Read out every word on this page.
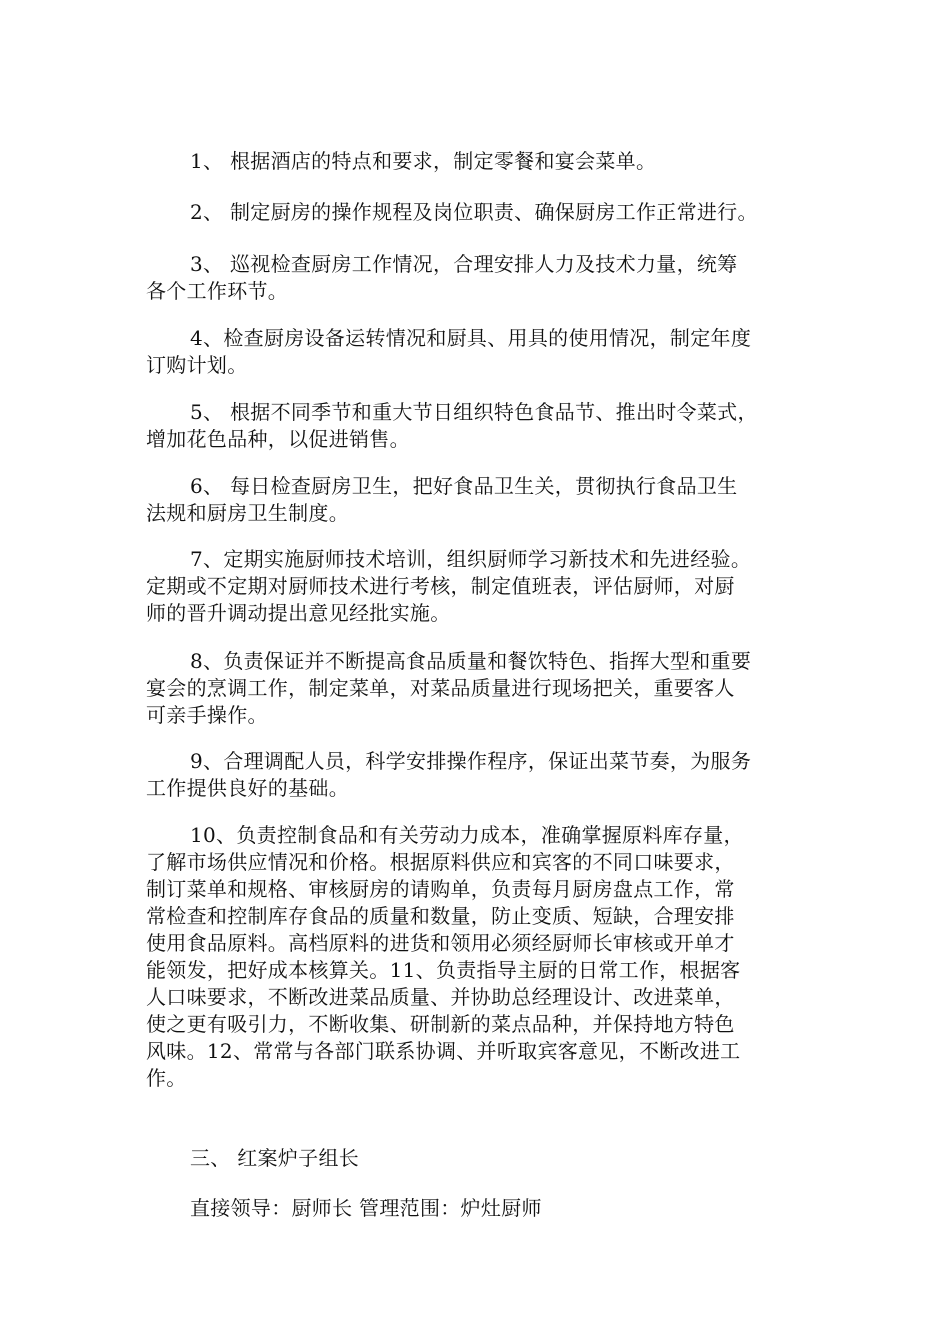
1、 根据酒店的特点和要求，制定零餐和宴会菜单。

2、 制定厨房的操作规程及岗位职责、确保厨房工作正常进行。

3、 巡视检查厨房工作情况，合理安排人力及技术力量，统筹
各个工作环节。

4、检查厨房设备运转情况和厨具、用具的使用情况，制定年度
订购计划。

5、 根据不同季节和重大节日组织特色食品节、推出时令菜式，
增加花色品种，以促进销售。

6、 每日检查厨房卫生，把好食品卫生关，贯彻执行食品卫生
法规和厨房卫生制度。

7、定期实施厨师技术培训，组织厨师学习新技术和先进经验。
定期或不定期对厨师技术进行考核，制定值班表，评估厨师，对厨
师的晋升调动提出意见经批实施。

8、负责保证并不断提高食品质量和餐饮特色、指挥大型和重要
宴会的烹调工作，制定菜单，对菜品质量进行现场把关，重要客人
可亲手操作。

9、合理调配人员，科学安排操作程序，保证出菜节奏，为服务
工作提供良好的基础。

10、负责控制食品和有关劳动力成本，准确掌握原料库存量，
了解市场供应情况和价格。根据原料供应和宾客的不同口味要求，
制订菜单和规格、审核厨房的请购单，负责每月厨房盘点工作，常
常检查和控制库存食品的质量和数量，防止变质、短缺，合理安排
使用食品原料。高档原料的进货和领用必须经厨师长审核或开单才
能领发，把好成本核算关。11、负责指导主厨的日常工作，根据客
人口味要求，不断改进菜品质量、并协助总经理设计、改进菜单，
使之更有吸引力，不断收集、研制新的菜点品种，并保持地方特色
风味。12、常常与各部门联系协调、并听取宾客意见，不断改进工
作。

三、 红案炉子组长
直接领导：厨师长 管理范围：炉灶厨师
